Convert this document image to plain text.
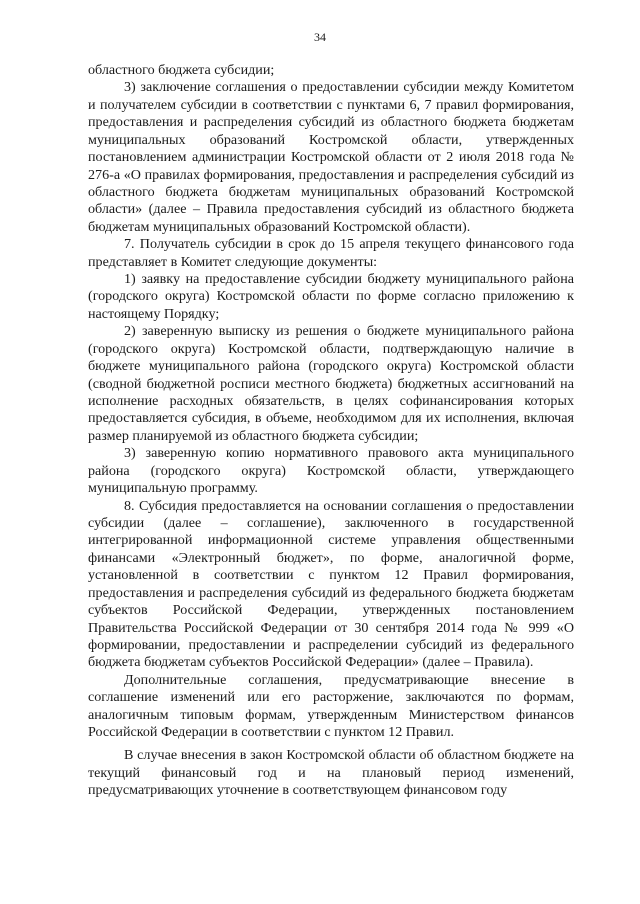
34

областного бюджета субсидии;

3) заключение соглашения о предоставлении субсидии между Комитетом и получателем субсидии в соответствии с пунктами 6, 7 правил формирования, предоставления и распределения субсидий из областного бюджета бюджетам муниципальных образований Костромской области, утвержденных постановлением администрации Костромской области от 2 июля 2018 года № 276-а «О правилах формирования, предоставления и распределения субсидий из областного бюджета бюджетам муниципальных образований Костромской области» (далее – Правила предоставления субсидий из областного бюджета бюджетам муниципальных образований Костромской области).

7. Получатель субсидии в срок до 15 апреля текущего финансового года представляет в Комитет следующие документы:

1) заявку на предоставление субсидии бюджету муниципального района (городского округа) Костромской области по форме согласно приложению к настоящему Порядку;

2) заверенную выписку из решения о бюджете муниципального района (городского округа) Костромской области, подтверждающую наличие в бюджете муниципального района (городского округа) Костромской области (сводной бюджетной росписи местного бюджета) бюджетных ассигнований на исполнение расходных обязательств, в целях софинансирования которых предоставляется субсидия, в объеме, необходимом для их исполнения, включая размер планируемой из областного бюджета субсидии;

3) заверенную копию нормативного правового акта муниципального района (городского округа) Костромской области, утверждающего муниципальную программу.

8. Субсидия предоставляется на основании соглашения о предоставлении субсидии (далее – соглашение), заключенного в государственной интегрированной информационной системе управления общественными финансами «Электронный бюджет», по форме, аналогичной форме, установленной в соответствии с пунктом 12 Правил формирования, предоставления и распределения субсидий из федерального бюджета бюджетам субъектов Российской Федерации, утвержденных постановлением Правительства Российской Федерации от 30 сентября 2014 года № 999 «О формировании, предоставлении и распределении субсидий из федерального бюджета бюджетам субъектов Российской Федерации» (далее – Правила).

Дополнительные соглашения, предусматривающие внесение в соглашение изменений или его расторжение, заключаются по формам, аналогичным типовым формам, утвержденным Министерством финансов Российской Федерации в соответствии с пунктом 12 Правил.

В случае внесения в закон Костромской области об областном бюджете на текущий финансовый год и на плановый период изменений, предусматривающих уточнение в соответствующем финансовом году
